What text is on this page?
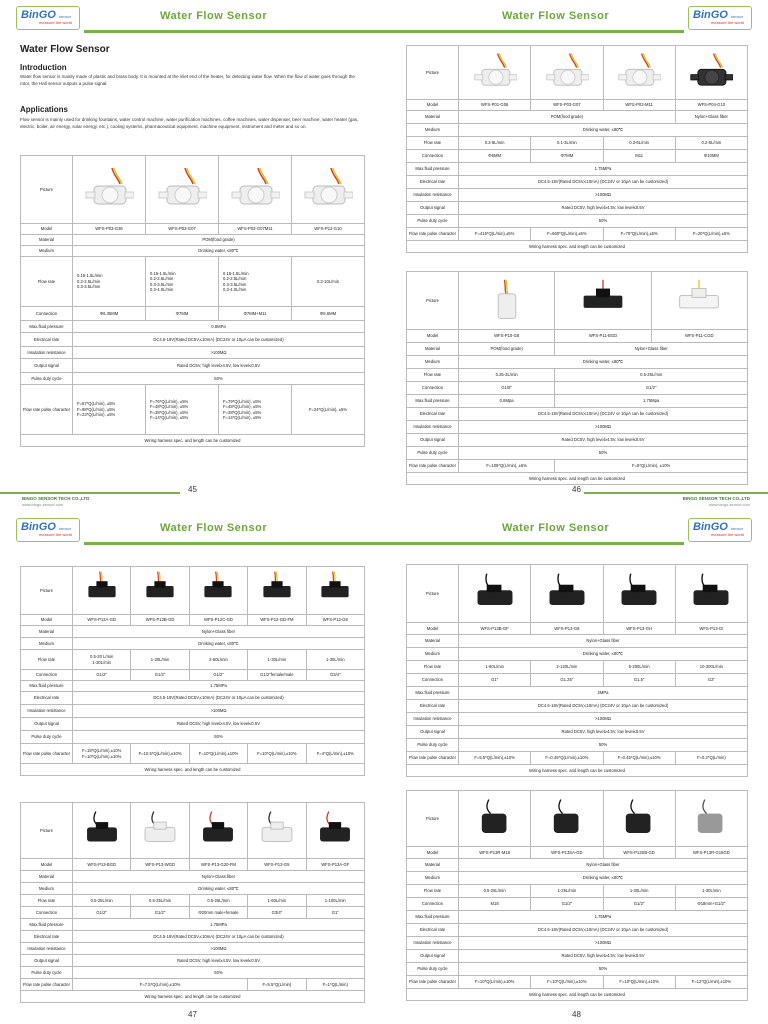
BinGO sensor
measure the world
Water Flow Sensor
Water Flow Sensor
Introduction
Water flow sensor is mainly made of plastic and brass body. It is mounted at the inlet end of the heater, for detecting water flow. When the flow of water goes through the rotor, the Hall sensor outputs a pulse signal.
Applications
Flow sensor is mainly used for drinking fountains, water control machine, water purification machines, coffee machines, water dispenser, beer machine, water heater (gas, electric, boiler, air energy, solar energy, etc.), cooling systems, pharmaceutical equipment, machine equipment, instrument and meter and so on.
Picture				
Model	WFS-P03-G36	WFS-P03-G07	WFS-P03-G07M11	WFS-P12-G10
Material	POM(food grade)			
Medium	Drinking water, ≤80℃			
Flow rate	0.15-1.5L/min
0.2-2.5L/min
0.3-3.5L/min	0.15-1.5L/min
0.2-2.5L/min
0.3-3.5L/min
0.3-4.0L/min	0.15-1.5L/min
0.2-2.5L/min
0.3-3.5L/min
0.3-4.0L/min	0.3-10L/min
Connection	Φ6.35MM	Φ7MM	Φ7MM+M11	Φ8.6MM
Max.fluid pressure	0.8MPa			
Electrical rate	DC4.5-18V(Rated DC5V,≤10mA) (DC24V or 10μA can be customized)			
Insulation resistance	>100MΩ			
Output signal	Rated DC5V, high level≥4.5V, low level≤0.5V			
Pulse duty cycle	50%			
Flow rate pulse character	F=57*Q(L/min), ±5%
F=98*Q(L/min), ±5%
F=23*Q(L/min), ±5%	F=76*Q(L/min), ±5%
F=48*Q(L/min), ±5%
F=38*Q(L/min), ±5%
F=14*Q(L/min), ±5%	F=79*Q(L/min), ±5%
F=48*Q(L/min), ±5%
F=38*Q(L/min), ±5%
F=14*Q(L/min), ±5%	F=24*Q(L/min), ±5%
Wiring harness spec. and length can be customized				
BINGO SENSOR TECH CO.,LTD
www.bingo-sensor.com
45
BinGO sensor
measure the world
Water Flow Sensor
Picture				
Model	WFS-P01-G06	WFS-P03-G07	WFS-P03-M11	WFS-P04-G10
Material	POM(food grade)			Nylon+Glass fiber
Medium	Drinking water, ≤80℃			
Flow rate	0.2-5L/min	0.1-3L/min	0.3-6L/min	0.2-8L/min
Connection	Φ6MM	Φ7MM	M11	Φ10MM
Max.fluid pressure	1.75MPa			
Electrical rate	DC4.5-18V(Rated DC5V,≤10mA) (DC24V or 10μA can be customized)			
Insulation resistance	>100MΩ			
Output signal	Rated DC5V, high level≥4.5V, low level≤0.5V			
Pulse duty cycle	50%			
Flow rate pulse character	F=415*Q(L/min),±5%	F=660*Q(L/min),±5%	F=70*Q(L/min),±5%	F=20*Q(L/min),±5%
Wiring harness spec. and length can be customized				
Picture			
Model	WFS-P10-G8	WFS-P11-BGD	WFS-P11-CGD
Material	POM(food grade)	Nylon+Glass fiber	
Medium	Drinking water, ≤80℃		
Flow rate	0.25-3L/min	0.5-25L/min	
Connection	G1/8"	G1/2"	
Max.fluid pressure	0.8Mpa	1.75Mpa	
Electrical rate	DC4.5-18V(Rated DC5V,≤10mA) (DC24V or 10μA can be customized)		
Insulation resistance	>100MΩ		
Output signal	Rated DC5V, high level≥4.5V, low level≤0.5V		
Pulse duty cycle	50%		
Flow rate pulse character	F=109*Q(L/min), ±5%	F=8*Q(L/min), ±10%	
Wiring harness spec. and length can be customized			
BINGO SENSOR TECH CO.,LTD
www.bingo-sensor.com
46
BinGO sensor
measure the world
Water Flow Sensor
Picture					
Model	WFS-P12A-GD	WFS-P12B-GD	WFS-P12C-GD	WFS-P12-GD-FM	WFS-P12-G8
Material	Nylon+Glass fiber				
Medium	Drinking water, ≤80℃				
Flow rate	0.5-20 L/min
1-30L/min	1-30L/min	2-60L/min	1-30L/min	1-30L/min
Connection	G1/2"	G1/2"	G1/2"	G1/2"female/male	G3/4"
Max.fluid pressure	1.75MPa				
Electrical rate	DC4.5-18V(Rated DC5V,≤10mA) (DC24V or 10μA can be customized)				
Insulation resistance	>100MΩ				
Output signal	Rated DC5V, high level≥4.5V, low level≤0.5V				
Pulse duty cycle	50%				
Flow rate pulse character	F=18*Q(L/min),±10%
F=10*Q(L/min),±10%	F=10.5*Q(L/min),±10%	F=10*Q(L/min),±10%	F=10*Q(L/min),±10%	F=4*Q(L/min),±10%
Wiring harness spec. and length can be customized					
Picture					
Model	WFS-P13-BGD	WFS-P13-WGD	WFS-P13-G20-FM	WFS-P13-G5	WFS-P13A-GF
Material	Nylon+Glass fiber				
Medium	Drinking water, ≤80℃				
Flow rate	0.5-25L/min	0.5-25L/min	0.5-25L/min	1-60L/min	1-100L/min
Connection	G1/2"	G1/2"	Φ20mm male+female	G3/4"	G1"
Max.fluid pressure	1.75MPa				
Electrical rate	DC4.5-18V(Rated DC5V,≤10mA) (DC24V or 10μA can be customized)				
Insulation resistance	>100MΩ				
Output signal	Rated DC5V, high level≥4.5V, low level≤0.5V				
Pulse duty cycle	50%				
Flow rate pulse character	F=7.5*Q(L/min),±10%			F=5.5*Q(L/min)	F=1*Q(L/min)
Wiring harness spec. and length can be customized					
47
BinGO sensor
measure the world
Water Flow Sensor
Picture				
Model	WFS-P13B-GF	WFS-P13-G8	WFS-P13-GH	WFS-P13-GI
Material	Nylon+Glass fiber			
Medium	Drinking water, ≤80℃			
Flow rate	1-60L/min	2-120L/min	5-200L/min	10-300L/min
Connection	G1"	G1.25"	G1.5"	G2"
Max.fluid pressure	2MPa			
Electrical rate	DC4.5-18V(Rated DC5V,≤10mA) (DC24V or 10μA can be customized)			
Insulation resistance	>100MΩ			
Output signal	Rated DC5V, high level≥4.5V, low level≤0.5V			
Pulse duty cycle	50%			
Flow rate pulse character	F=5.5*Q(L/min),±10%	F=0.45*Q(L/min),±10%	F=0.45*Q(L/min),±10%	F=0.2*Q(L/min)
Wiring harness spec. and length can be customized				
Picture				
Model	WFS-P13R-M18	WFS-P13SA-GD	WFS-P13SB-GD	WFS-P13R-G18GD
Material	Nylon+Glass fiber			
Medium	Drinking water, ≤80℃			
Flow rate	0.5-25L/min	1-25L/min	1-30L/min	1-30L/min
Connection	M18	G1/2"	G1/2"	Φ18mm+G1/2"
Max.fluid pressure	1.75MPa			
Electrical rate	DC4.5-18V(Rated DC5V,≤10mA) (DC24V or 10μA can be customized)			
Insulation resistance	>100MΩ			
Output signal	Rated DC5V, high level≥4.5V, low level≤0.5V			
Pulse duty cycle	50%			
Flow rate pulse character	F=10*Q(L/min),±10%	F=10*Q(L/min),±10%	F=10*Q(L/min),±10%	F=12*Q(L/min),±10%
Wiring harness spec. and length can be customized				
48
